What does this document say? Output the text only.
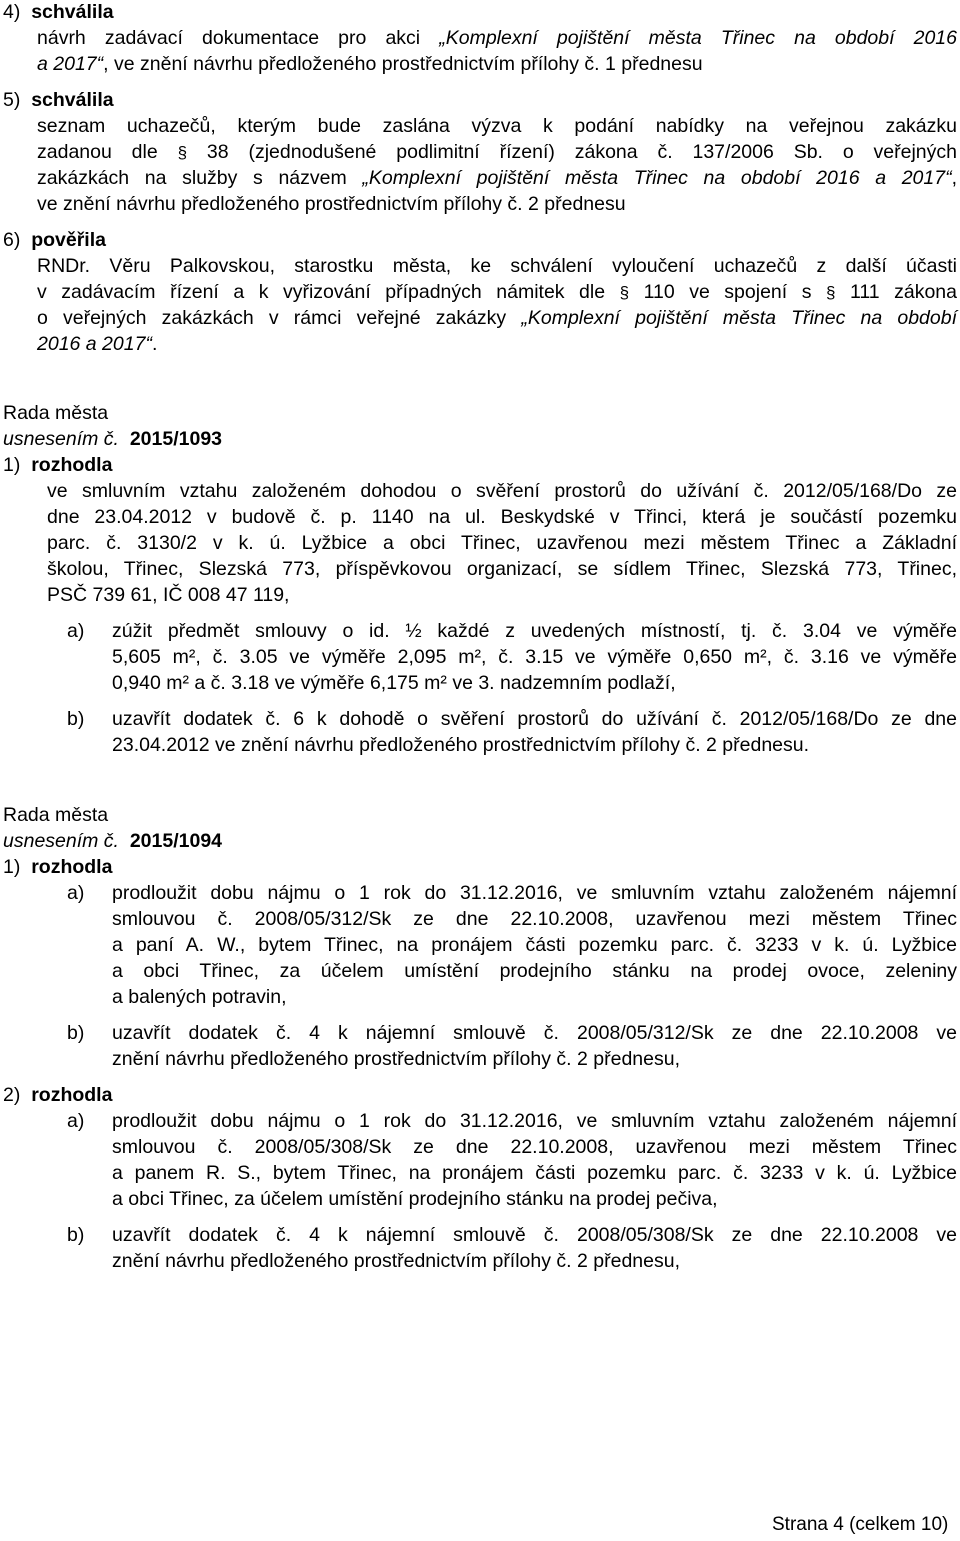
4) schválila
návrh zadávací dokumentace pro akci „Komplexní pojištění města Třinec na období 2016
a 2017“, ve znění návrhu předloženého prostřednictvím přílohy č. 1 přednesu
5) schválila
seznam uchazečů, kterým bude zaslána výzva k podání nabídky na veřejnou zakázku
zadanou dle § 38 (zjednodušené podlimitní řízení) zákona č. 137/2006 Sb. o veřejných
zakázkách na služby s názvem „Komplexní pojištění města Třinec na období 2016 a 2017“,
ve znění návrhu předloženého prostřednictvím přílohy č. 2 přednesu
6) pověřila
RNDr. Věru Palkovskou, starostku města, ke schválení vyloučení uchazečů z další účasti
v zadávacím řízení a k vyřizování případných námitek dle § 110 ve spojení s § 111 zákona
o veřejných zakázkách v rámci veřejné zakázky „Komplexní pojištění města Třinec na období
2016 a 2017“.
Rada města
usnesením č. 2015/1093
1) rozhodla
ve smluvním vztahu založeném dohodou o svěření prostorů do užívání č. 2012/05/168/Do ze
dne 23.04.2012 v budově č. p. 1140 na ul. Beskydské v Třinci, která je součástí pozemku
parc. č. 3130/2 v k. ú. Lyžbice a obci Třinec, uzavřenou mezi městem Třinec a Základní
školou, Třinec, Slezská 773, příspěvkovou organizací, se sídlem Třinec, Slezská 773, Třinec,
PSČ 739 61, IČ 008 47 119,
a) zúžit předmět smlouvy o id. ½ každé z uvedených místností, tj. č. 3.04 ve výměře
5,605 m², č. 3.05 ve výměře 2,095 m², č. 3.15 ve výměře 0,650 m², č. 3.16 ve výměře
0,940 m² a č. 3.18 ve výměře 6,175 m² ve 3. nadzemním podlaží,
b) uzavřít dodatek č. 6 k dohodě o svěření prostorů do užívání č. 2012/05/168/Do ze dne
23.04.2012 ve znění návrhu předloženého prostřednictvím přílohy č. 2 přednesu.
Rada města
usnesením č. 2015/1094
1) rozhodla
a) prodloužit dobu nájmu o 1 rok do 31.12.2016, ve smluvním vztahu založeném nájemní
smlouvou č. 2008/05/312/Sk ze dne 22.10.2008, uzavřenou mezi městem Třinec
a paní A. W., bytem Třinec, na pronájem části pozemku parc. č. 3233 v k. ú. Lyžbice
a obci Třinec, za účelem umístění prodejního stánku na prodej ovoce, zeleniny
a balených potravin,
b) uzavřít dodatek č. 4 k nájemní smlouvě č. 2008/05/312/Sk ze dne 22.10.2008 ve
znění návrhu předloženého prostřednictvím přílohy č. 2 přednesu,
2) rozhodla
a) prodloužit dobu nájmu o 1 rok do 31.12.2016, ve smluvním vztahu založeném nájemní
smlouvou č. 2008/05/308/Sk ze dne 22.10.2008, uzavřenou mezi městem Třinec
a panem R. S., bytem Třinec, na pronájem části pozemku parc. č. 3233 v k. ú. Lyžbice
a obci Třinec, za účelem umístění prodejního stánku na prodej pečiva,
b) uzavřít dodatek č. 4 k nájemní smlouvě č. 2008/05/308/Sk ze dne 22.10.2008 ve
znění návrhu předloženého prostřednictvím přílohy č. 2 přednesu,
Strana 4 (celkem 10)
